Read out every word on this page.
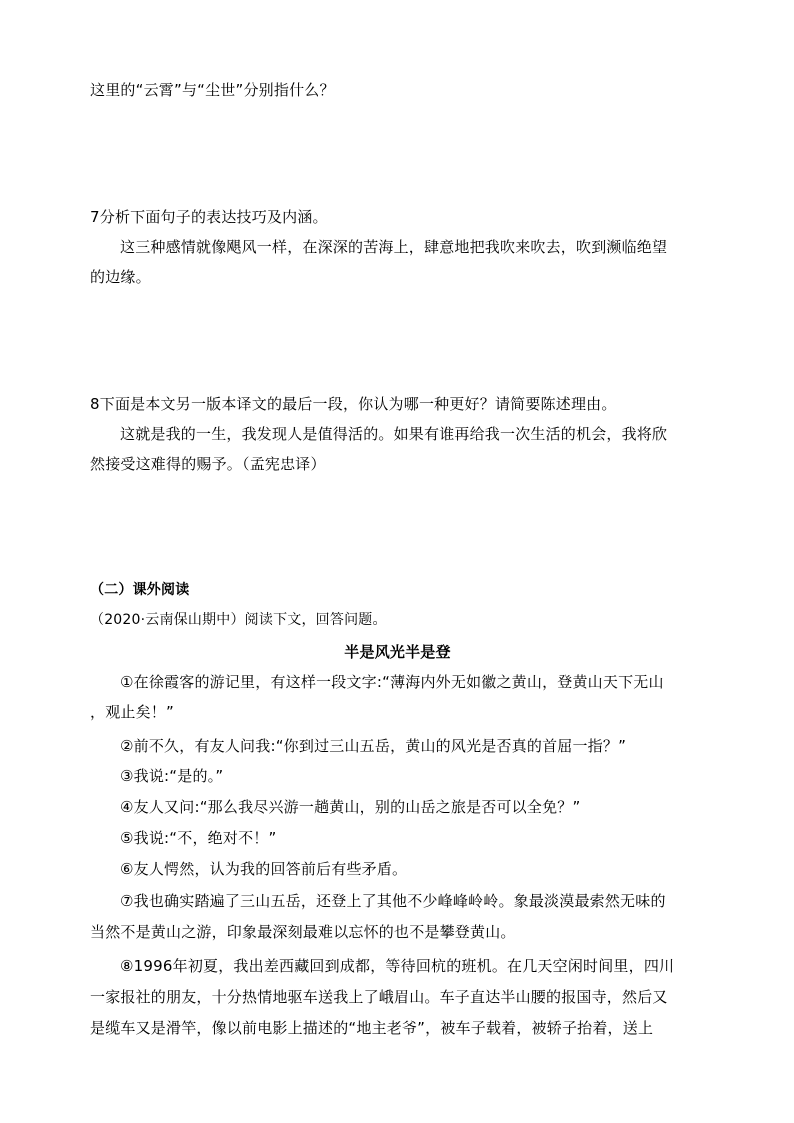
这里的“云霄”与“尘世”分别指什么？
7分析下面句子的表达技巧及内涵。
这三种感情就像飓风一样，在深深的苦海上，肆意地把我吹来吹去，吹到濒临绝望
的边缘。
8下面是本文另一版本译文的最后一段，你认为哪一种更好？请简要陈述理由。
这就是我的一生，我发现人是值得活的。如果有谁再给我一次生活的机会，我将欣
然接受这难得的赐予。（孟宪忠译）
（二）课外阅读
（2020·云南保山期中）阅读下文，回答问题。
半是风光半是登
①在徐霞客的游记里，有这样一段文字:“薄海内外无如徽之黄山，登黄山天下无山
，观止矣！”
②前不久，有友人问我:“你到过三山五岳，黄山的风光是否真的首屈一指？”
③我说:“是的。”
④友人又问:“那么我尽兴游一趟黄山，别的山岳之旅是否可以全免？”
⑤我说:“不，绝对不！”
⑥友人愕然，认为我的回答前后有些矛盾。
⑦我也确实踏遍了三山五岳，还登上了其他不少峰峰岭岭。象最淡漠最索然无味的
当然不是黄山之游，印象最深刻最难以忘怀的也不是攀登黄山。
⑧1996年初夏，我出差西藏回到成都，等待回杭的班机。在几天空闲时间里，四川
一家报社的朋友，十分热情地驱车送我上了峨眉山。车子直达半山腰的报国寺，然后又
是缆车又是滑竿，像以前电影上描述的“地主老爷”，被车子载着，被轿子抬着，送上
